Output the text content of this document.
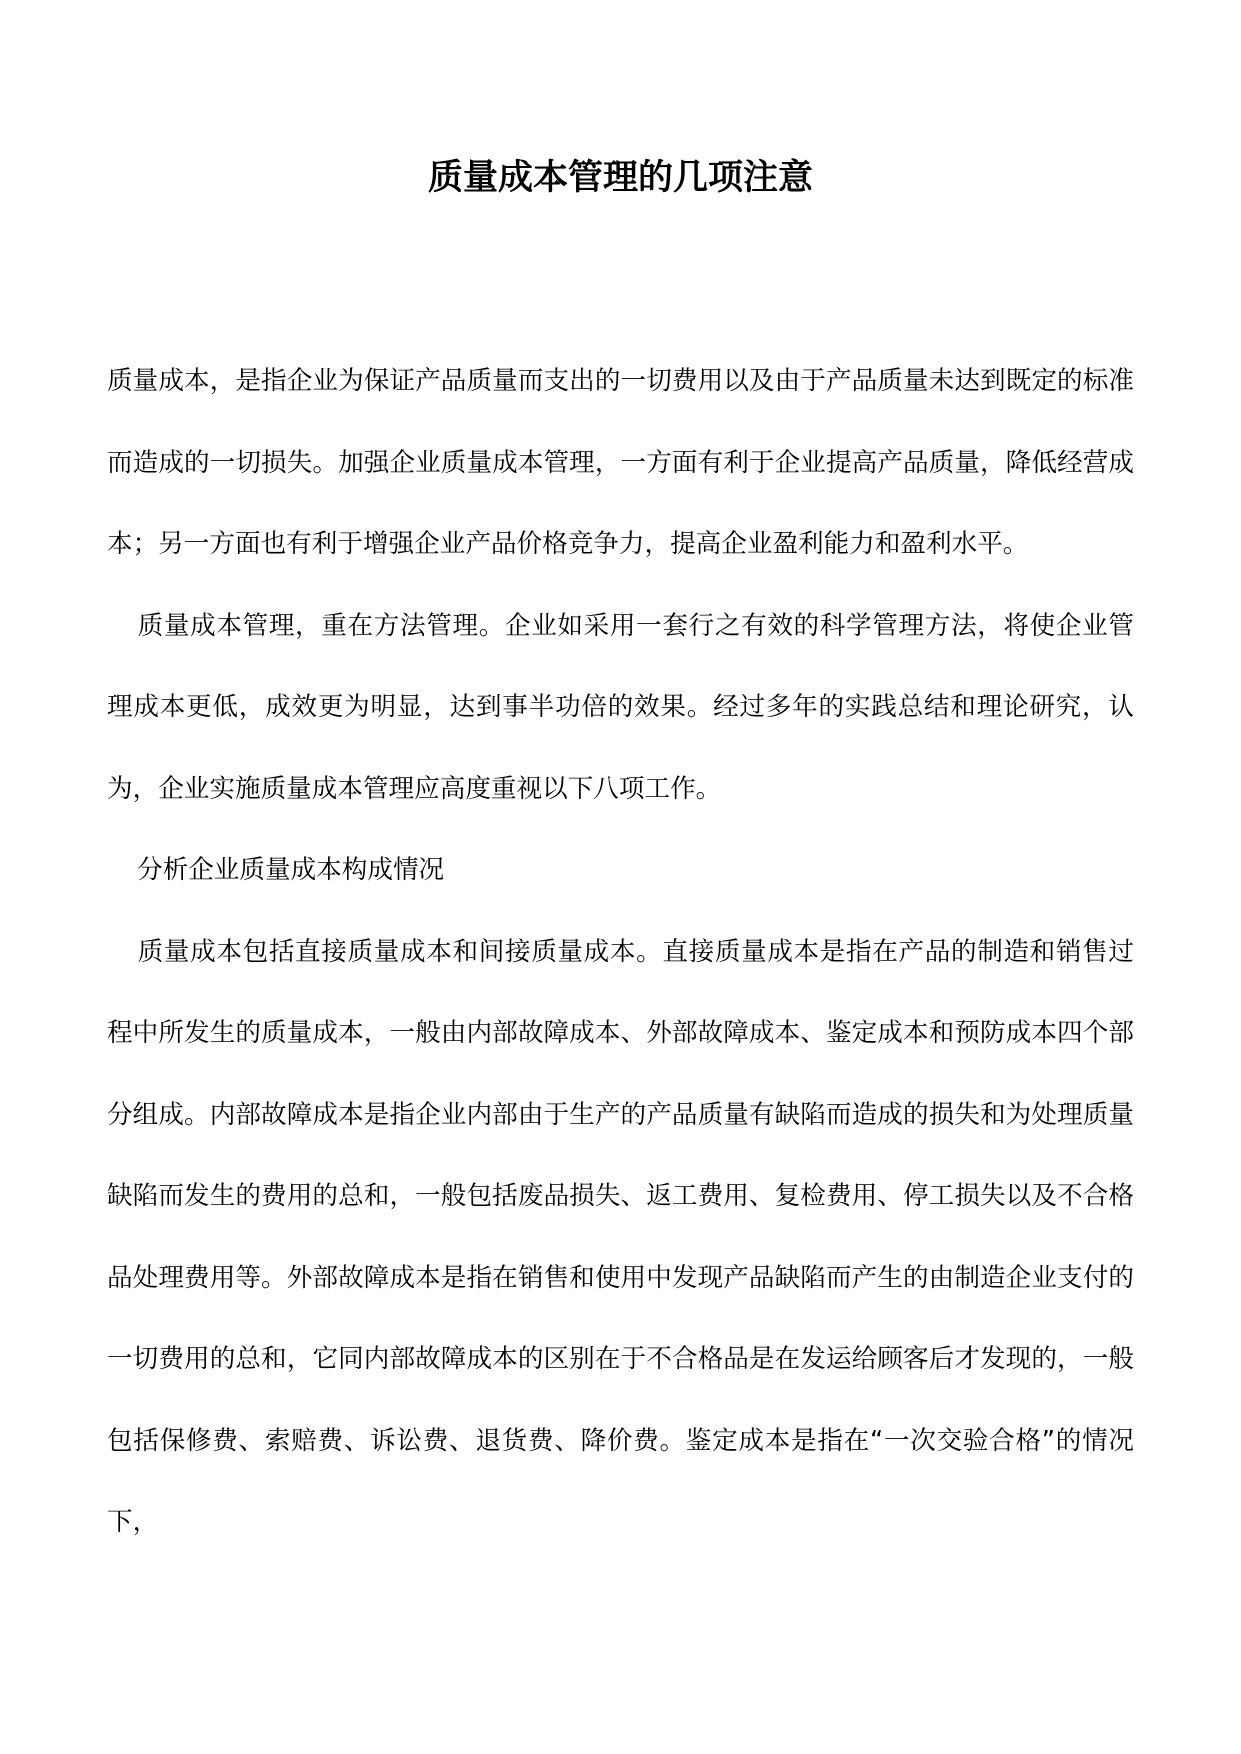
质量成本管理的几项注意

质量成本，是指企业为保证产品质量而支出的一切费用以及由于产品质量未达到既定的标准而造成的一切损失。加强企业质量成本管理，一方面有利于企业提高产品质量，降低经营成本；另一方面也有利于增强企业产品价格竞争力，提高企业盈利能力和盈利水平。

质量成本管理，重在方法管理。企业如采用一套行之有效的科学管理方法，将使企业管理成本更低，成效更为明显，达到事半功倍的效果。经过多年的实践总结和理论研究，认为，企业实施质量成本管理应高度重视以下八项工作。

分析企业质量成本构成情况

质量成本包括直接质量成本和间接质量成本。直接质量成本是指在产品的制造和销售过程中所发生的质量成本，一般由内部故障成本、外部故障成本、鉴定成本和预防成本四个部分组成。内部故障成本是指企业内部由于生产的产品质量有缺陷而造成的损失和为处理质量缺陷而发生的费用的总和，一般包括废品损失、返工费用、复检费用、停工损失以及不合格品处理费用等。外部故障成本是指在销售和使用中发现产品缺陷而产生的由制造企业支付的一切费用的总和，它同内部故障成本的区别在于不合格品是在发运给顾客后才发现的，一般包括保修费、索赔费、诉讼费、退货费、降价费。鉴定成本是指在“一次交验合格”的情况下，
